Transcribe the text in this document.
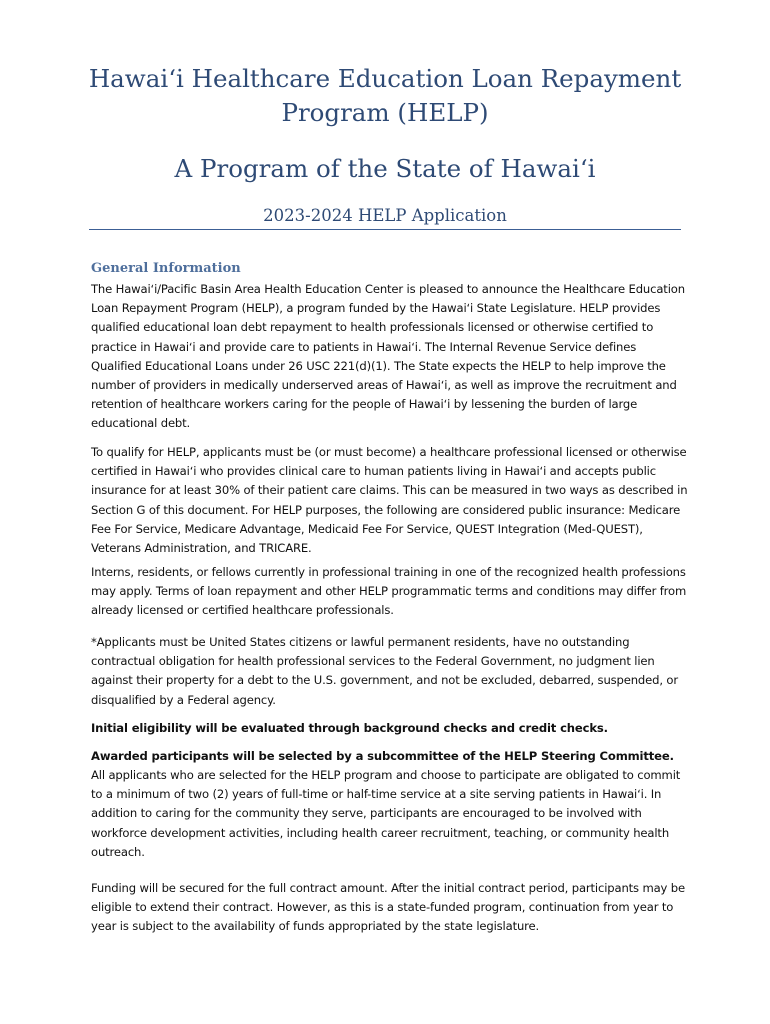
Hawaiʻi Healthcare Education Loan Repayment Program (HELP)
A Program of the State of Hawaiʻi
2023-2024 HELP Application
General Information

The Hawaiʻi/Pacific Basin Area Health Education Center is pleased to announce the Healthcare Education Loan Repayment Program (HELP), a program funded by the Hawaiʻi State Legislature. HELP provides qualified educational loan debt repayment to health professionals licensed or otherwise certified to practice in Hawaiʻi and provide care to patients in Hawaiʻi. The Internal Revenue Service defines Qualified Educational Loans under 26 USC 221(d)(1). The State expects the HELP to help improve the number of providers in medically underserved areas of Hawaiʻi, as well as improve the recruitment and retention of healthcare workers caring for the people of Hawaiʻi by lessening the burden of large educational debt.

To qualify for HELP, applicants must be (or must become) a healthcare professional licensed or otherwise certified in Hawaiʻi who provides clinical care to human patients living in Hawaiʻi and accepts public insurance for at least 30% of their patient care claims. This can be measured in two ways as described in Section G of this document. For HELP purposes, the following are considered public insurance: Medicare Fee For Service, Medicare Advantage, Medicaid Fee For Service, QUEST Integration (Med-QUEST), Veterans Administration, and TRICARE.

Interns, residents, or fellows currently in professional training in one of the recognized health professions may apply. Terms of loan repayment and other HELP programmatic terms and conditions may differ from already licensed or certified healthcare professionals.

*Applicants must be United States citizens or lawful permanent residents, have no outstanding contractual obligation for health professional services to the Federal Government, no judgment lien against their property for a debt to the U.S. government, and not be excluded, debarred, suspended, or disqualified by a Federal agency.

Initial eligibility will be evaluated through background checks and credit checks.

Awarded participants will be selected by a subcommittee of the HELP Steering Committee.

All applicants who are selected for the HELP program and choose to participate are obligated to commit to a minimum of two (2) years of full-time or half-time service at a site serving patients in Hawaiʻi. In addition to caring for the community they serve, participants are encouraged to be involved with workforce development activities, including health career recruitment, teaching, or community health outreach.

Funding will be secured for the full contract amount. After the initial contract period, participants may be eligible to extend their contract. However, as this is a state-funded program, continuation from year to year is subject to the availability of funds appropriated by the state legislature.
